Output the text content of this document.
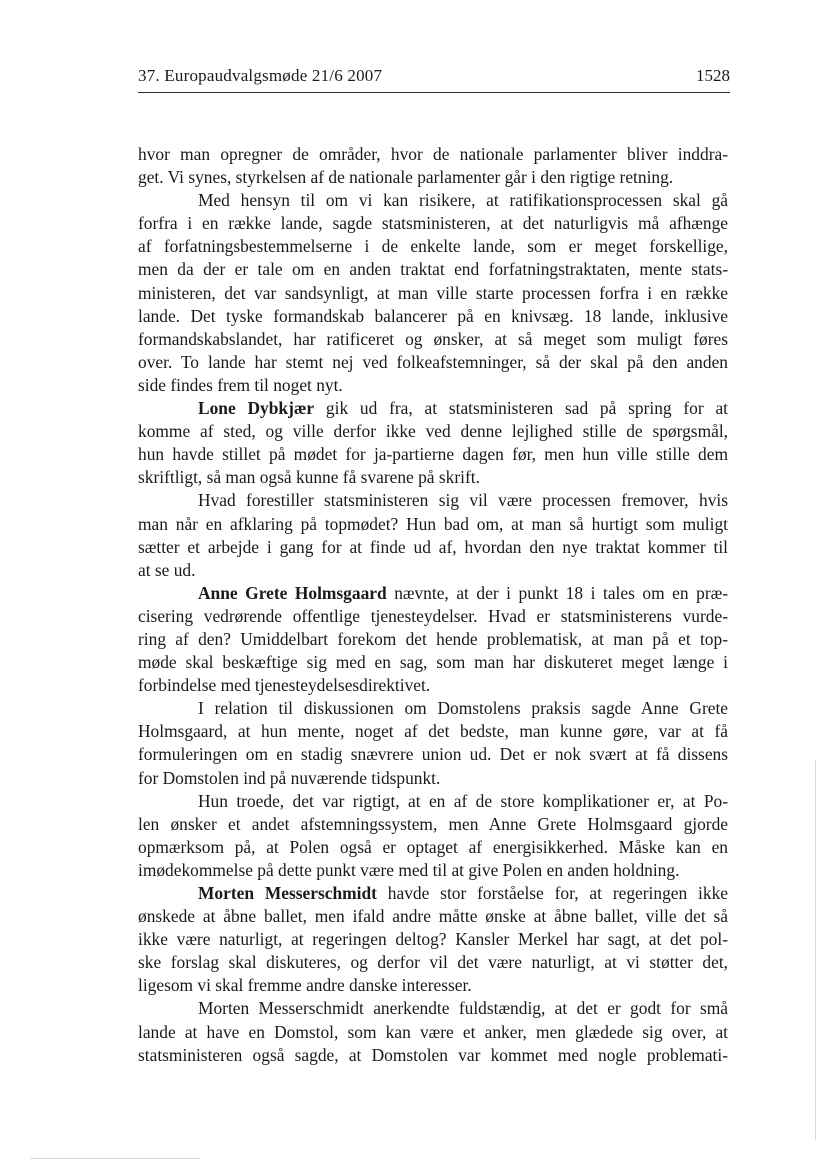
37. Europaudvalgsmøde 21/6 2007	1528
hvor man opregner de områder, hvor de nationale parlamenter bliver inddra-
get. Vi synes, styrkelsen af de nationale parlamenter går i den rigtige retning.
Med hensyn til om vi kan risikere, at ratifikationsprocessen skal gå
forfra i en række lande, sagde statsministeren, at det naturligvis må afhænge
af forfatningsbestemmelserne i de enkelte lande, som er meget forskellige,
men da der er tale om en anden traktat end forfatningstraktaten, mente stats-
ministeren, det var sandsynligt, at man ville starte processen forfra i en række
lande. Det tyske formandskab balancerer på en knivsæg. 18 lande, inklusive
formandskabslandet, har ratificeret og ønsker, at så meget som muligt føres
over. To lande har stemt nej ved folkeafstemninger, så der skal på den anden
side findes frem til noget nyt.
Lone Dybkjær gik ud fra, at statsministeren sad på spring for at
komme af sted, og ville derfor ikke ved denne lejlighed stille de spørgsmål,
hun havde stillet på mødet for ja-partierne dagen før, men hun ville stille dem
skriftligt, så man også kunne få svarene på skrift.
Hvad forestiller statsministeren sig vil være processen fremover, hvis
man når en afklaring på topmødet? Hun bad om, at man så hurtigt som muligt
sætter et arbejde i gang for at finde ud af, hvordan den nye traktat kommer til
at se ud.
Anne Grete Holmsgaard nævnte, at der i punkt 18 i tales om en præ-
cisering vedrørende offentlige tjenesteydelser. Hvad er statsministerens vurde-
ring af den? Umiddelbart forekom det hende problematisk, at man på et top-
møde skal beskæftige sig med en sag, som man har diskuteret meget længe i
forbindelse med tjenesteydelsesdirektivet.
I relation til diskussionen om Domstolens praksis sagde Anne Grete
Holmsgaard, at hun mente, noget af det bedste, man kunne gøre, var at få
formuleringen om en stadig snævrere union ud. Det er nok svært at få dissens
for Domstolen ind på nuværende tidspunkt.
Hun troede, det var rigtigt, at en af de store komplikationer er, at Po-
len ønsker et andet afstemningssystem, men Anne Grete Holmsgaard gjorde
opmærksom på, at Polen også er optaget af energisikkerhed. Måske kan en
imødekommelse på dette punkt være med til at give Polen en anden holdning.
Morten Messerschmidt havde stor forståelse for, at regeringen ikke
ønskede at åbne ballet, men ifald andre måtte ønske at åbne ballet, ville det så
ikke være naturligt, at regeringen deltog? Kansler Merkel har sagt, at det pol-
ske forslag skal diskuteres, og derfor vil det være naturligt, at vi støtter det,
ligesom vi skal fremme andre danske interesser.
Morten Messerschmidt anerkendte fuldstændig, at det er godt for små
lande at have en Domstol, som kan være et anker, men glædede sig over, at
statsministeren også sagde, at Domstolen var kommet med nogle problemati-
